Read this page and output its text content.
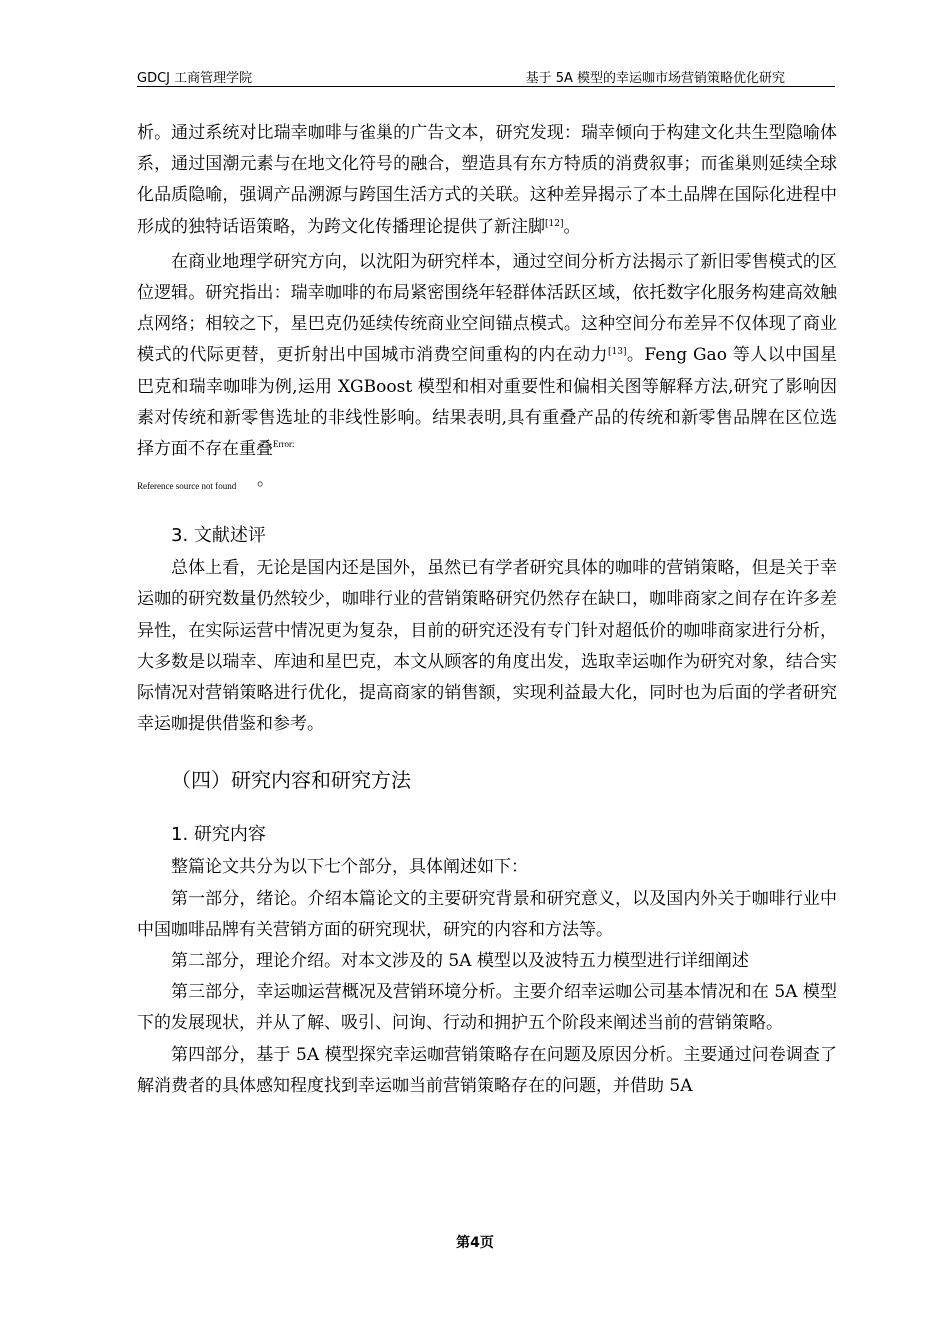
GDCJ 工商管理学院	基于 5A 模型的幸运咖市场营销策略优化研究

析。通过系统对比瑞幸咖啡与雀巢的广告文本，研究发现：瑞幸倾向于构建文化共生型隐喻体系，通过国潮元素与在地文化符号的融合，塑造具有东方特质的消费叙事；而雀巢则延续全球化品质隐喻，强调产品溯源与跨国生活方式的关联。这种差异揭示了本土品牌在国际化进程中形成的独特话语策略，为跨文化传播理论提供了新注脚[12]。

在商业地理学研究方向，以沈阳为研究样本，通过空间分析方法揭示了新旧零售模式的区位逻辑。研究指出：瑞幸咖啡的布局紧密围绕年轻群体活跃区域，依托数字化服务构建高效触点网络；相较之下，星巴克仍延续传统商业空间锚点模式。这种空间分布差异不仅体现了商业模式的代际更替，更折射出中国城市消费空间重构的内在动力[13]。Feng Gao 等人以中国星巴克和瑞幸咖啡为例,运用 XGBoost 模型和相对重要性和偏相关图等解释方法,研究了影响因素对传统和新零售选址的非线性影响。结果表明,具有重叠产品的传统和新零售品牌在区位选择方面不存在重叠$^{Error:}$

Reference source not found 。

3. 文献述评

总体上看，无论是国内还是国外，虽然已有学者研究具体的咖啡的营销策略，但是关于幸运咖的研究数量仍然较少，咖啡行业的营销策略研究仍然存在缺口，咖啡商家之间存在许多差异性，在实际运营中情况更为复杂，目前的研究还没有专门针对超低价的咖啡商家进行分析，大多数是以瑞幸、库迪和星巴克，本文从顾客的角度出发，选取幸运咖作为研究对象，结合实际情况对营销策略进行优化，提高商家的销售额，实现利益最大化，同时也为后面的学者研究幸运咖提供借鉴和参考。

（四）研究内容和研究方法

1. 研究内容

整篇论文共分为以下七个部分，具体阐述如下：

第一部分，绪论。介绍本篇论文的主要研究背景和研究意义，以及国内外关于咖啡行业中中国咖啡品牌有关营销方面的研究现状，研究的内容和方法等。

第二部分，理论介绍。对本文涉及的 5A 模型以及波特五力模型进行详细阐述

第三部分，幸运咖运营概况及营销环境分析。主要介绍幸运咖公司基本情况和在 5A 模型下的发展现状，并从了解、吸引、问询、行动和拥护五个阶段来阐述当前的营销策略。

第四部分，基于 5A 模型探究幸运咖营销策略存在问题及原因分析。主要通过问卷调查了解消费者的具体感知程度找到幸运咖当前营销策略存在的问题，并借助 5A

第4页
